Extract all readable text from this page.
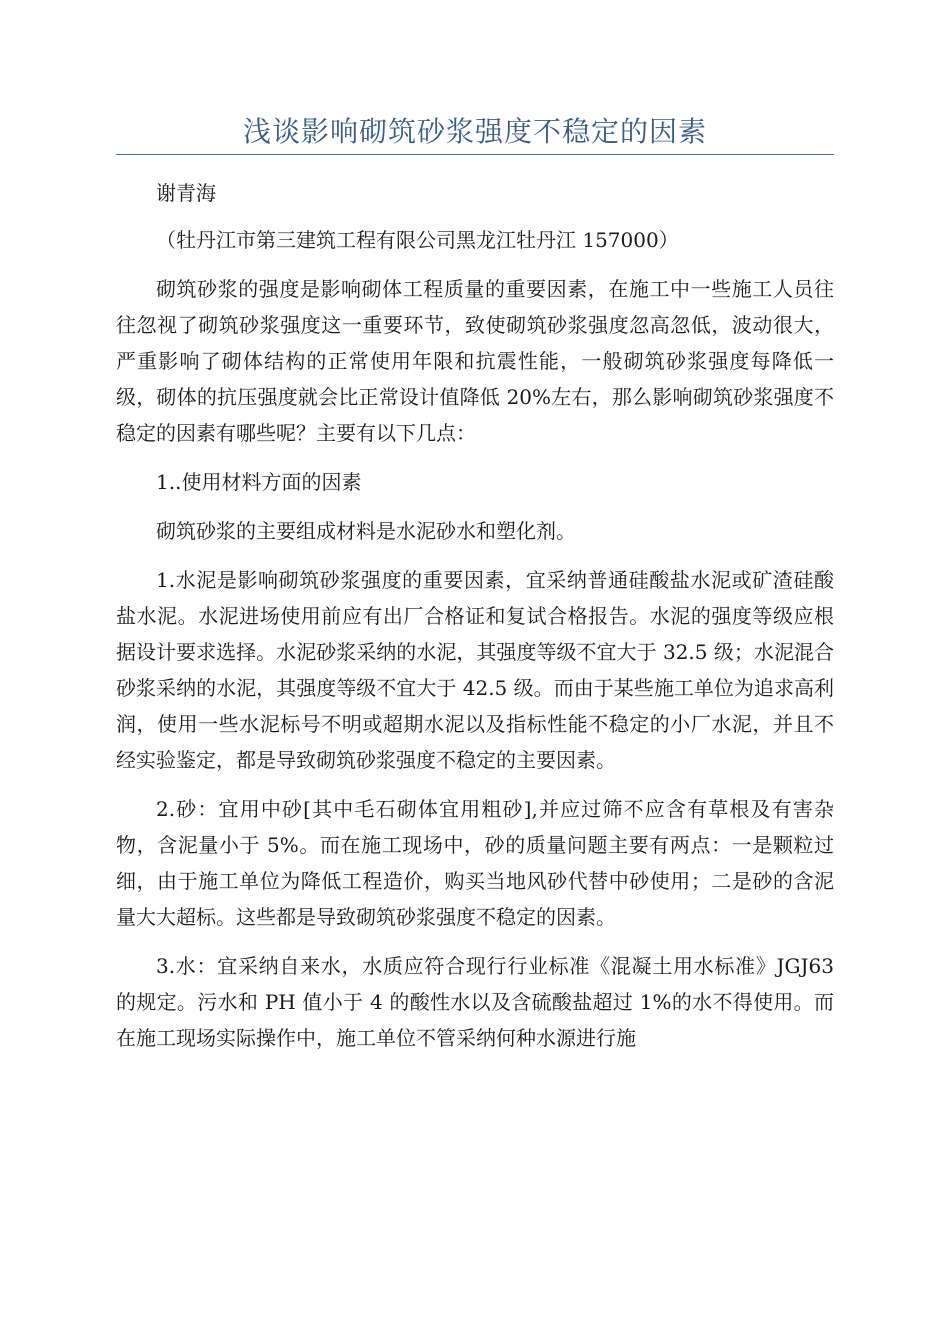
浅谈影响砌筑砂浆强度不稳定的因素

谢青海

（牡丹江市第三建筑工程有限公司黑龙江牡丹江 157000）

砌筑砂浆的强度是影响砌体工程质量的重要因素，在施工中一些施工人员往往忽视了砌筑砂浆强度这一重要环节，致使砌筑砂浆强度忽高忽低，波动很大，严重影响了砌体结构的正常使用年限和抗震性能，一般砌筑砂浆强度每降低一级，砌体的抗压强度就会比正常设计值降低 20%左右，那么影响砌筑砂浆强度不稳定的因素有哪些呢？主要有以下几点：

1..使用材料方面的因素

砌筑砂浆的主要组成材料是水泥砂水和塑化剂。

1.水泥是影响砌筑砂浆强度的重要因素，宜采纳普通硅酸盐水泥或矿渣硅酸盐水泥。水泥进场使用前应有出厂合格证和复试合格报告。水泥的强度等级应根据设计要求选择。水泥砂浆采纳的水泥，其强度等级不宜大于 32.5 级；水泥混合砂浆采纳的水泥，其强度等级不宜大于 42.5 级。而由于某些施工单位为追求高利润，使用一些水泥标号不明或超期水泥以及指标性能不稳定的小厂水泥，并且不经实验鉴定，都是导致砌筑砂浆强度不稳定的主要因素。

2.砂：宜用中砂[其中毛石砌体宜用粗砂],并应过筛不应含有草根及有害杂物，含泥量小于 5%。而在施工现场中，砂的质量问题主要有两点：一是颗粒过细，由于施工单位为降低工程造价，购买当地风砂代替中砂使用；二是砂的含泥量大大超标。这些都是导致砌筑砂浆强度不稳定的因素。

3.水：宜采纳自来水，水质应符合现行行业标准《混凝土用水标准》JGJ63 的规定。污水和 PH 值小于 4 的酸性水以及含硫酸盐超过 1%的水不得使用。而在施工现场实际操作中，施工单位不管采纳何种水源进行施
